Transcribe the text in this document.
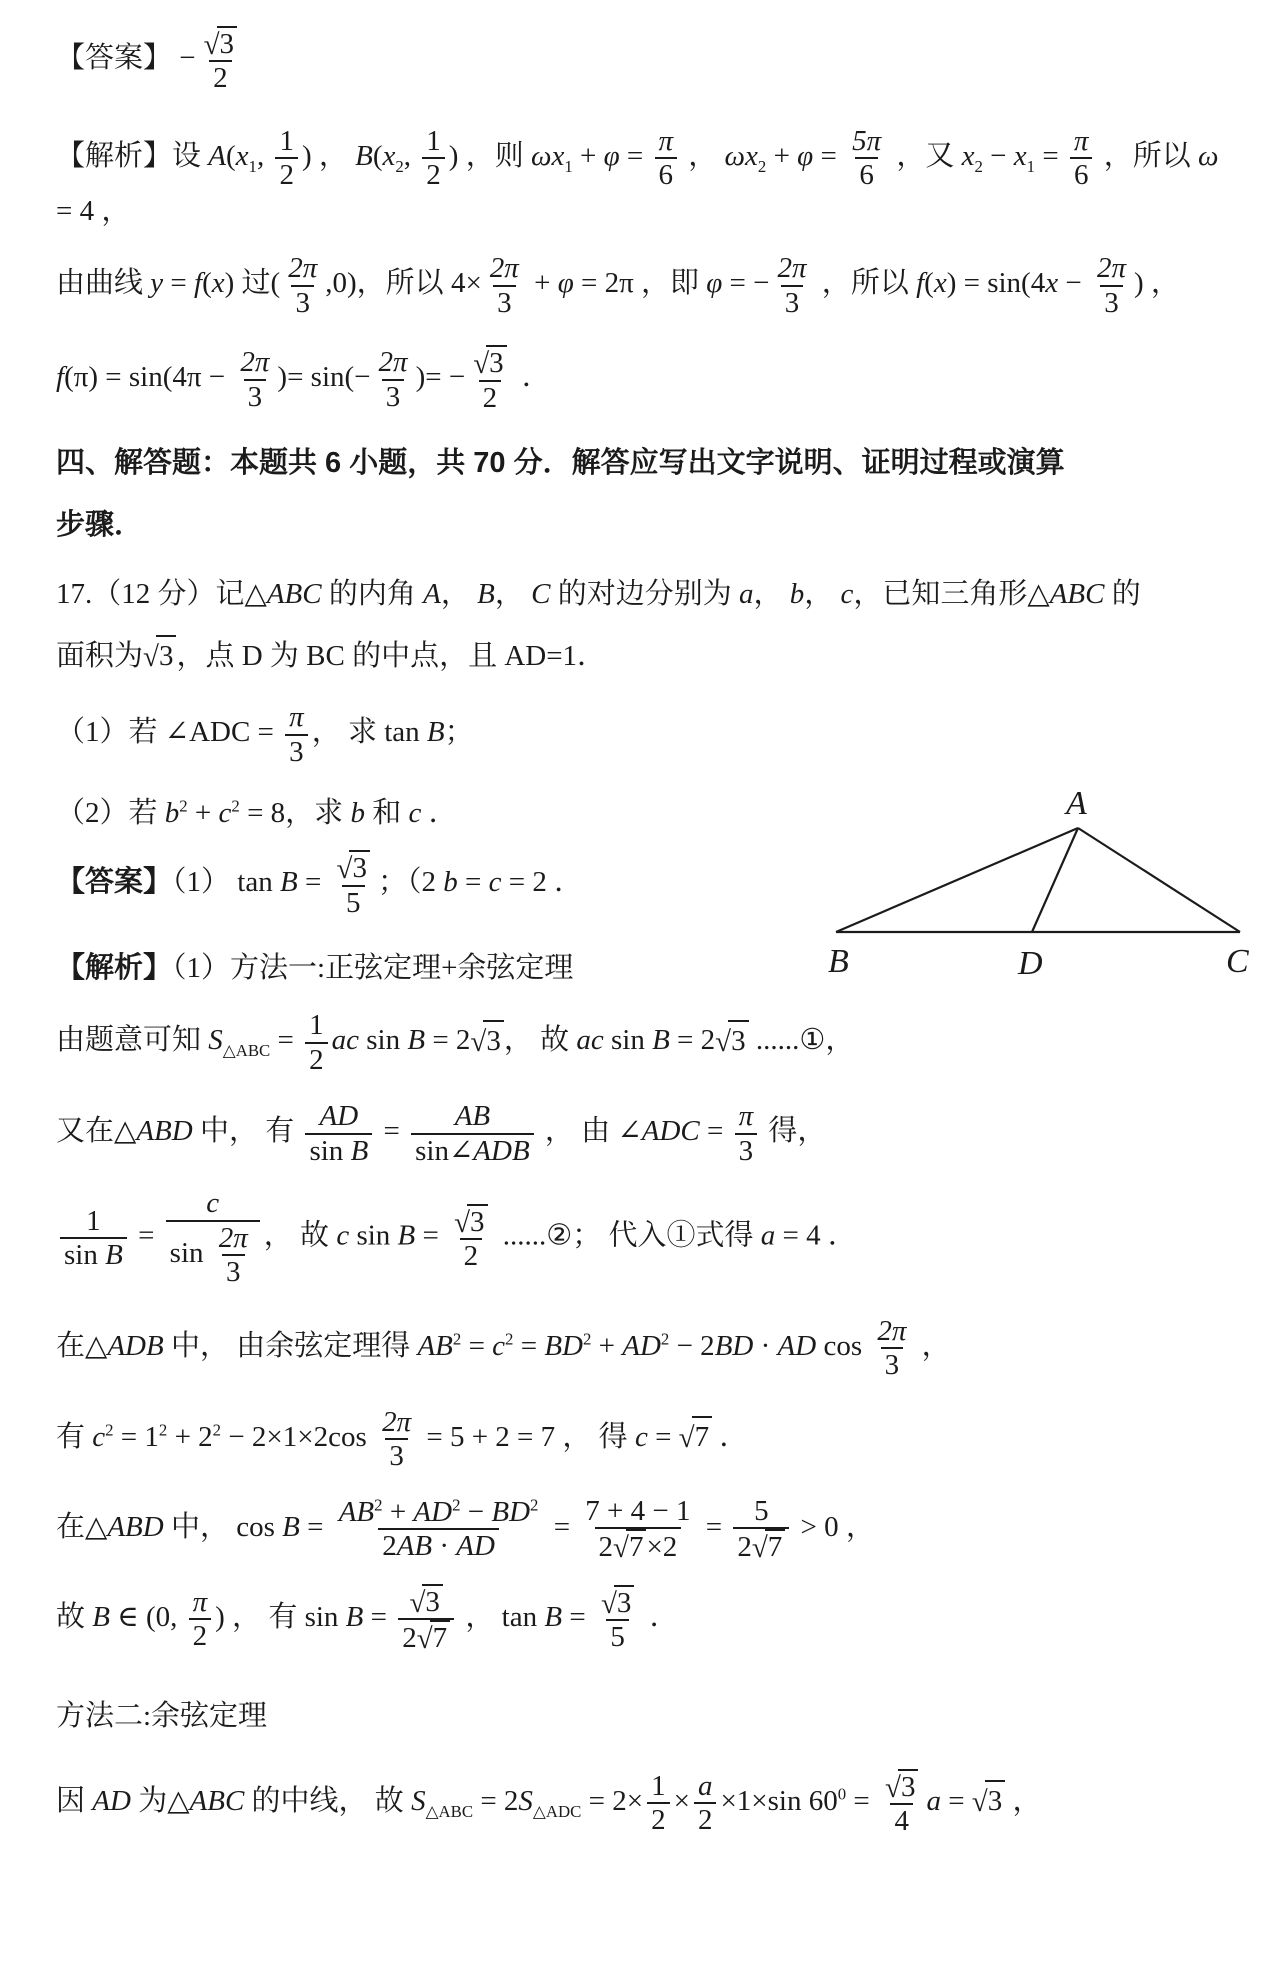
【答案】 − $\frac{√3}{2}$
【解析】设 $A(x_1$, $\frac{1}{2}$ ) ， $B(x_2$, $\frac{1}{2}$ ) ，则 $\omega x_1 + \varphi = \frac{\pi}{6}$ ， $\omega x_2 + \varphi = \frac{5\pi}{6}$ ，又 $x_2 - x_1 = \frac{\pi}{6}$ ，所以 ω = 4 ，
由曲线 y = f(x) 过( $\frac{2\pi}{3} ,0$)，所以 $4\times \frac{2\pi}{3} + \varphi = 2\pi$ ，即 φ = − $\frac{2\pi}{3}$ ，所以 $f(x) = \sin(4x - \frac{2\pi}{3}$ ) ，
$f(\pi) = \sin(4\pi - \frac{2\pi}{3}$ )= $\sin(- \frac{2\pi}{3}$ )= − $\frac{√3}{2}$ ．
四、解答题：本题共 6 小题，共 70 分．解答应写出文字说明、证明过程或演算
步骤．
17.（12 分）记△ABC 的内角 A， B， C 的对边分别为 a， b， c，已知三角形△ABC 的
面积为√3 ，点 D 为 BC 的中点，且 AD=1．
（1）若 ∠ADC = $\frac{\pi}{3}$ ， 求 tan B；
（2）若 $b^2 + c^2 = 8$，求 b 和 c ．
【答案】（1） $\tan B = \frac{√3}{5}$ ；（2 b = c = 2 ．
【解析】（1）方法一:正弦定理+余弦定理
由题意可知 $S_{\triangle ABC} = \frac{1}{2}$ ac sin B = 2√3 ， 故 ac sin B = 2√3 ......①，
又在△ABD 中， 有 $\frac{AD}{\text{sin B}} = \frac{AB}{\text{sin∠ADB}}$ ， 由 ∠ADC = $\frac{\pi}{3}$ 得，
$\frac{1}{\text{sin B}} = \frac{c}{\sin \frac{2\pi}{3}}$ ， 故 c $\sin B = \frac{√3}{2}$ ......②； 代入①式得 a = 4 ．
在△ADB 中， 由余弦定理得 $AB^2 = c^2 = BD^2 + AD^2 - 2BD$ · AD $\cos \frac{2\pi}{3}$ ，
有 $c^2 = 1^2 + 2^2 - 2\times 1\times 2\cos \frac{2\pi}{3} = 5 + 2 = 7$ ， 得 c = √7 ．
在△ABD 中， $\cos B = \frac{AB^2 + AD^2 - BD^2}{2AB \cdot AD} = \frac{7 + 4 - 1}{2√7 \times 2} = \frac{5}{2√7} > 0$ ，
故 B ∈ (0, $\frac{\pi}{2}$ ) ， 有 $\sin B = \frac{√3}{2√7}$ ， $\tan B = \frac{√3}{5}$ ．
方法二:余弦定理
因 AD 为△ABC 的中线， 故 $S_{\triangle ABC} = 2S_{\triangle ADC} = 2\times \frac{1}{2} \times \frac{a}{2} \times 1\times\sin$ $60^0 = \frac{√3}{4}$ a = √3 ，
A
B	D	C
